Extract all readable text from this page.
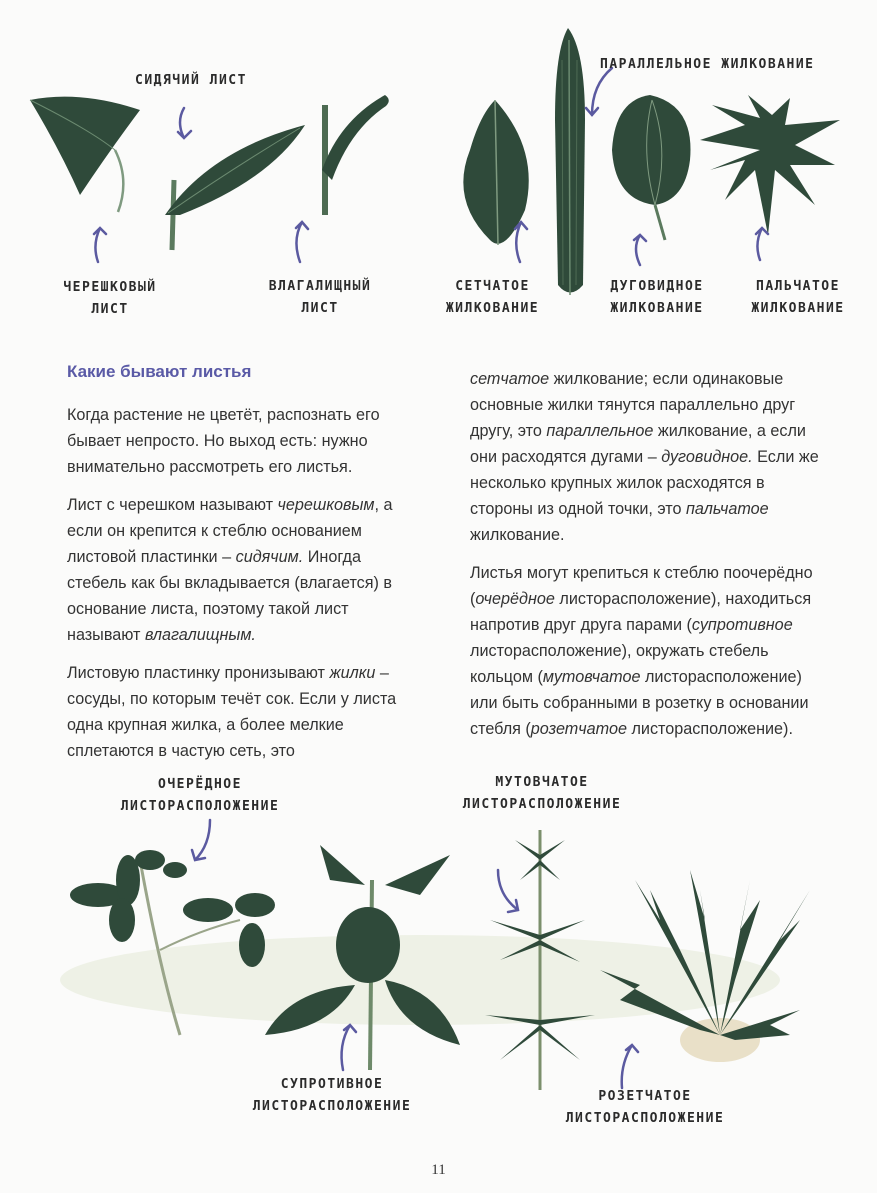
СИДЯЧИЙ ЛИСТ
ЧЕРЕШКОВЫЙ
ЛИСТ
ВЛАГАЛИЩНЫЙ
ЛИСТ
ПАРАЛЛЕЛЬНОЕ ЖИЛКОВАНИЕ
СЕТЧАТОЕ
ЖИЛКОВАНИЕ
ДУГОВИДНОЕ
ЖИЛКОВАНИЕ
ПАЛЬЧАТОЕ
ЖИЛКОВАНИЕ
Какие бывают листья

Когда растение не цветёт, распознать его бывает непросто. Но выход есть: нужно внимательно рассмотреть его листья.

Лист с черешком называют черешковым, а если он крепится к стеблю основанием листовой пластинки – сидячим. Иногда стебель как бы вкладывается (влагается) в основание листа, поэтому такой лист называют влагалищным.

Листовую пластинку пронизывают жилки – сосуды, по которым течёт сок. Если у листа одна крупная жилка, а более мелкие сплетаются в частую сеть, это

сетчатое жилкование; если одинаковые основные жилки тянутся параллельно друг другу, это параллельное жилкование, а если они расходятся дугами – дуговидное. Если же несколько крупных жилок расходятся в стороны из одной точки, это пальчатое жилкование.

Листья могут крепиться к стеблю поочерёдно (очерёдное листорасположение), находиться напротив друг друга парами (супротивное листорасположение), окружать стебель кольцом (мутовчатое листорасположение) или быть собранными в розетку в основании стебля (розетчатое листорасположение).

ОЧЕРЁДНОЕ
ЛИСТОРАСПОЛОЖЕНИЕ
МУТОВЧАТОЕ
ЛИСТОРАСПОЛОЖЕНИЕ
СУПРОТИВНОЕ
ЛИСТОРАСПОЛОЖЕНИЕ
РОЗЕТЧАТОЕ
ЛИСТОРАСПОЛОЖЕНИЕ
11
